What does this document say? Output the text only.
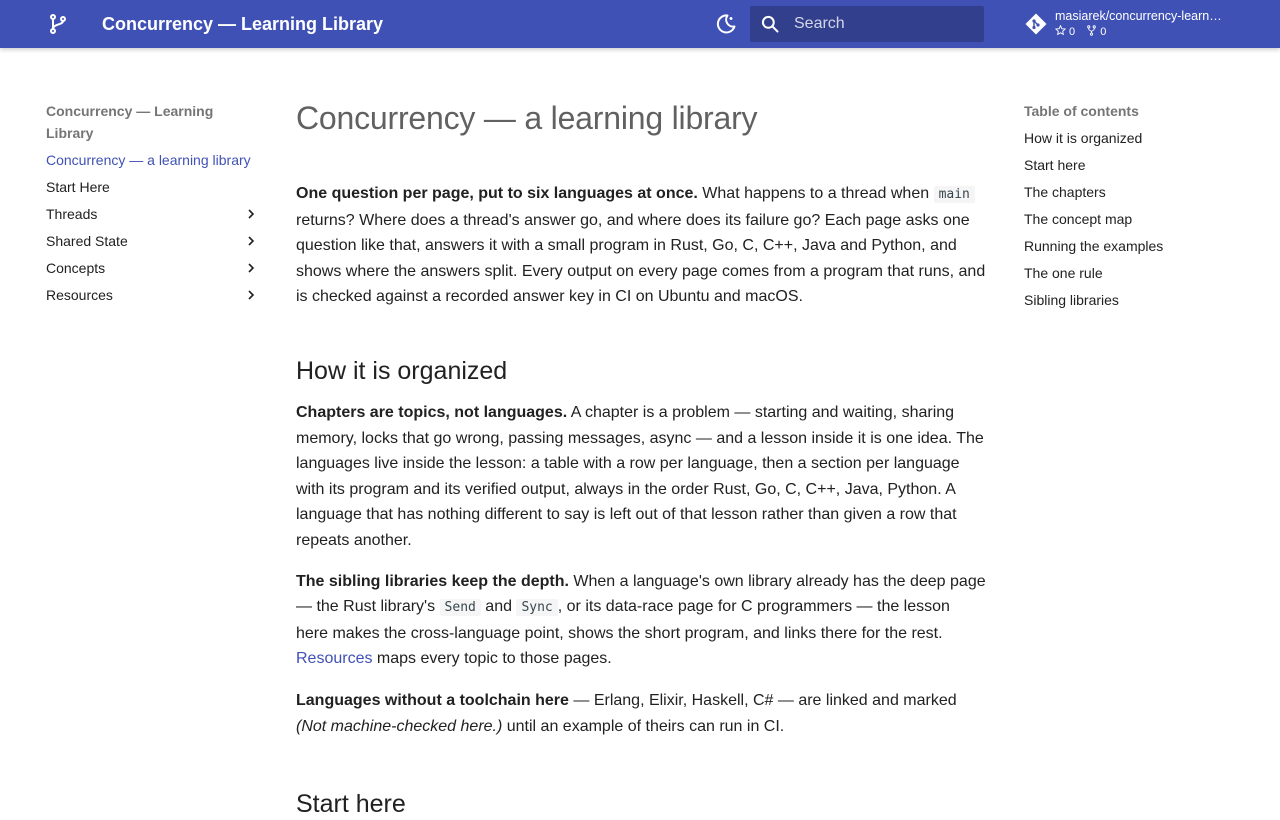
Concurrency — Learning Library
Search	masiarek/concurrency-learn…
0 0
Concurrency — Learning Library
Concurrency — a learning library
Start Here
Threads
Shared State
Concepts
Resources
Concurrency — a learning library

One question per page, put to six languages at once. What happens to a thread when main returns? Where does a thread's answer go, and where does its failure go? Each page asks one question like that, answers it with a small program in Rust, Go, C, C++, Java and Python, and shows where the answers split. Every output on every page comes from a program that runs, and is checked against a recorded answer key in CI on Ubuntu and macOS.

How it is organized

Chapters are topics, not languages. A chapter is a problem — starting and waiting, sharing memory, locks that go wrong, passing messages, async — and a lesson inside it is one idea. The languages live inside the lesson: a table with a row per language, then a section per language with its program and its verified output, always in the order Rust, Go, C, C++, Java, Python. A language that has nothing different to say is left out of that lesson rather than given a row that repeats another.

The sibling libraries keep the depth. When a language's own library already has the deep page — the Rust library's Send and Sync , or its data-race page for C programmers — the lesson here makes the cross-language point, shows the short program, and links there for the rest. Resources maps every topic to those pages.

Languages without a toolchain here — Erlang, Elixir, Haskell, C# — are linked and marked (Not machine-checked here.) until an example of theirs can run in CI.

Start here
Table of contents
How it is organized
Start here
The chapters
The concept map
Running the examples
The one rule
Sibling libraries
